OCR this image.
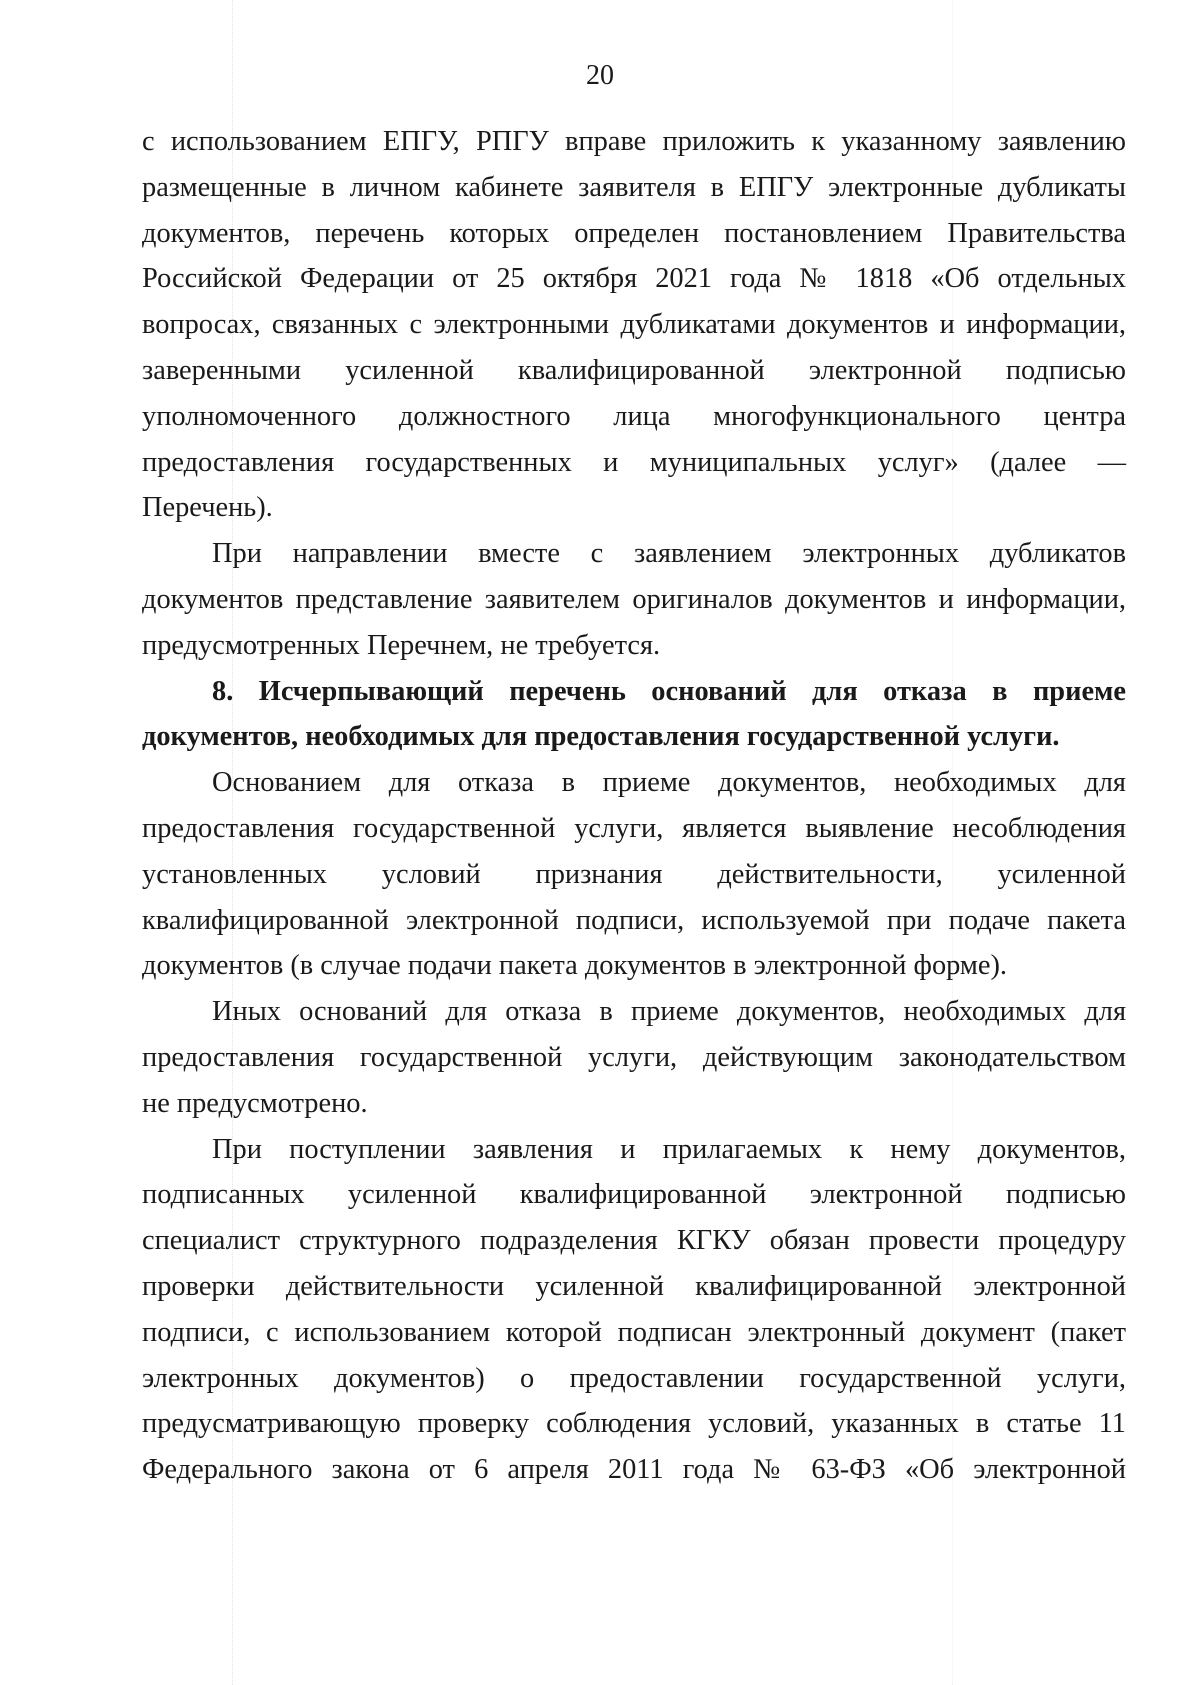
20

с использованием ЕПГУ, РПГУ вправе приложить к указанному заявлению
размещенные в личном кабинете заявителя в ЕПГУ электронные дубликаты
документов, перечень которых определен постановлением Правительства
Российской Федерации от 25 октября 2021 года № 1818 «Об отдельных
вопросах, связанных с электронными дубликатами документов и информации,
заверенными усиленной квалифицированной электронной подписью
уполномоченного должностного лица многофункционального центра
предоставления государственных и муниципальных услуг» (далее —
Перечень).

При направлении вместе с заявлением электронных дубликатов
документов представление заявителем оригиналов документов и информации,
предусмотренных Перечнем, не требуется.

8. Исчерпывающий перечень оснований для отказа в приеме
документов, необходимых для предоставления государственной услуги.

Основанием для отказа в приеме документов, необходимых для
предоставления государственной услуги, является выявление несоблюдения
установленных условий признания действительности, усиленной
квалифицированной электронной подписи, используемой при подаче пакета
документов (в случае подачи пакета документов в электронной форме).

Иных оснований для отказа в приеме документов, необходимых для
предоставления государственной услуги, действующим законодательством
не предусмотрено.

При поступлении заявления и прилагаемых к нему документов,
подписанных усиленной квалифицированной электронной подписью
специалист структурного подразделения КГКУ обязан провести процедуру
проверки действительности усиленной квалифицированной электронной
подписи, с использованием которой подписан электронный документ (пакет
электронных документов) о предоставлении государственной услуги,
предусматривающую проверку соблюдения условий, указанных в статье 11
Федерального закона от 6 апреля 2011 года № 63-ФЗ «Об электронной
